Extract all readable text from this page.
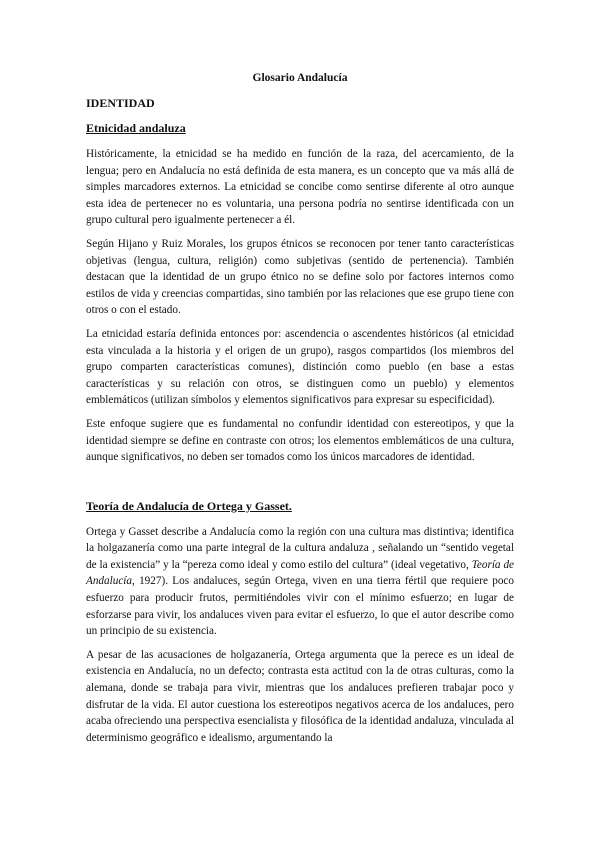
Glosario Andalucía
IDENTIDAD
Etnicidad andaluza

Históricamente, la etnicidad se ha medido en función de la raza, del acercamiento, de la lengua; pero en Andalucía no está definida de esta manera, es un concepto que va más allá de simples marcadores externos. La etnicidad se concibe como sentirse diferente al otro aunque esta idea de pertenecer no es voluntaria, una persona podría no sentirse identificada con un grupo cultural pero igualmente pertenecer a él.

Según Hijano y Ruiz Morales, los grupos étnicos se reconocen por tener tanto características objetivas (lengua, cultura, religión) como subjetivas (sentido de pertenencia). También destacan que la identidad de un grupo étnico no se define solo por factores internos como estilos de vida y creencias compartidas, sino también por las relaciones que ese grupo tiene con otros o con el estado.

La etnicidad estaría definida entonces por: ascendencia o ascendentes históricos (al etnicidad esta vinculada a la historia y el origen de un grupo), rasgos compartidos (los miembros del grupo comparten características comunes), distinción como pueblo (en base a estas características y su relación con otros, se distinguen como un pueblo) y elementos emblemáticos (utilizan símbolos y elementos significativos para expresar su especificidad).

Este enfoque sugiere que es fundamental no confundir identidad con estereotipos, y que la identidad siempre se define en contraste con otros; los elementos emblemáticos de una cultura, aunque significativos, no deben ser tomados como los únicos marcadores de identidad.

Teoría de Andalucía de Ortega y Gasset.

Ortega y Gasset describe a Andalucía como la región con una cultura mas distintiva; identifica la holgazanería como una parte integral de la cultura andaluza , señalando un “sentido vegetal de la existencia” y la “pereza como ideal y como estilo del cultura” (ideal vegetativo, Teoría de Andalucía, 1927). Los andaluces, según Ortega, viven en una tierra fértil que requiere poco esfuerzo para producir frutos, permitiéndoles vivir con el mínimo esfuerzo; en lugar de esforzarse para vivir, los andaluces viven para evitar el esfuerzo, lo que el autor describe como un principio de su existencia.

A pesar de las acusaciones de holgazanería, Ortega argumenta que la perece es un ideal de existencia en Andalucía, no un defecto; contrasta esta actitud con la de otras culturas, como la alemana, donde se trabaja para vivir, mientras que los andaluces prefieren trabajar poco y disfrutar de la vida. El autor cuestiona los estereotipos negativos acerca de los andaluces, pero acaba ofreciendo una perspectiva esencialista y filosófica de la identidad andaluza, vinculada al determinismo geográfico e idealismo, argumentando la
